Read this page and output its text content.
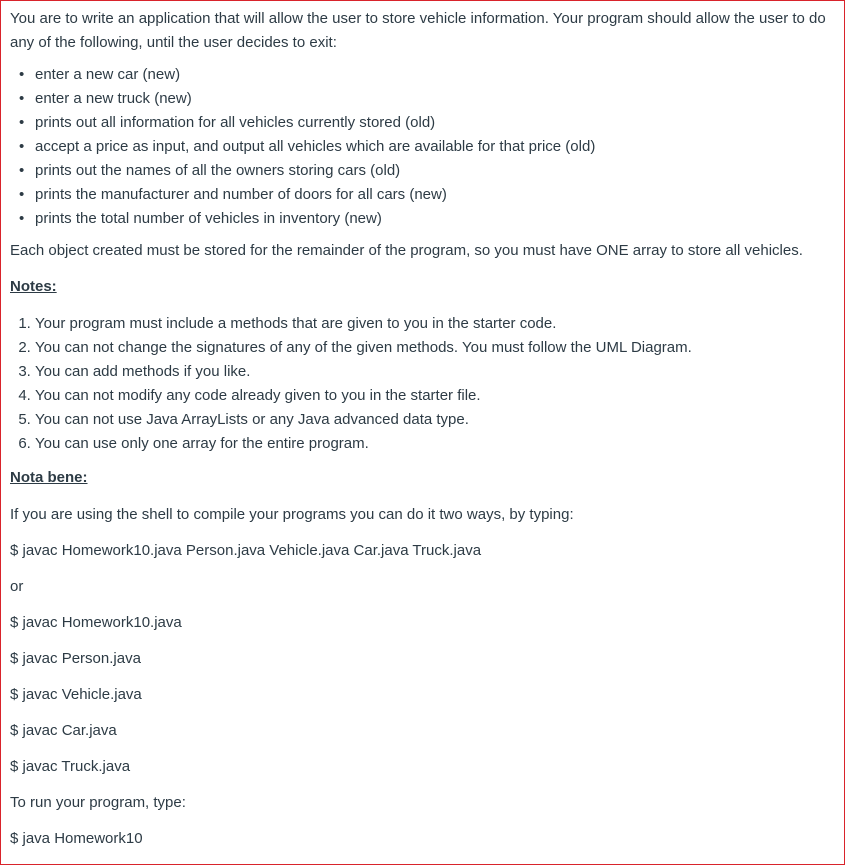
You are to write an application that will allow the user to store vehicle information. Your program should allow the user to do any of the following, until the user decides to exit:

• enter a new car (new)
• enter a new truck (new)
• prints out all information for all vehicles currently stored (old)
• accept a price as input, and output all vehicles which are available for that price (old)
• prints out the names of all the owners storing cars (old)
• prints the manufacturer and number of doors for all cars (new)
• prints the total number of vehicles in inventory (new)

Each object created must be stored for the remainder of the program, so you must have ONE array to store all vehicles.

Notes:

1. Your program must include a methods that are given to you in the starter code.
2. You can not change the signatures of any of the given methods. You must follow the UML Diagram.
3. You can add methods if you like.
4. You can not modify any code already given to you in the starter file.
5. You can not use Java ArrayLists or any Java advanced data type.
6. You can use only one array for the entire program.

Nota bene:

If you are using the shell to compile your programs you can do it two ways, by typing:

$ javac Homework10.java Person.java Vehicle.java Car.java Truck.java

or

$ javac Homework10.java

$ javac Person.java

$ javac Vehicle.java

$ javac Car.java

$ javac Truck.java

To run your program, type:

$ java Homework10
